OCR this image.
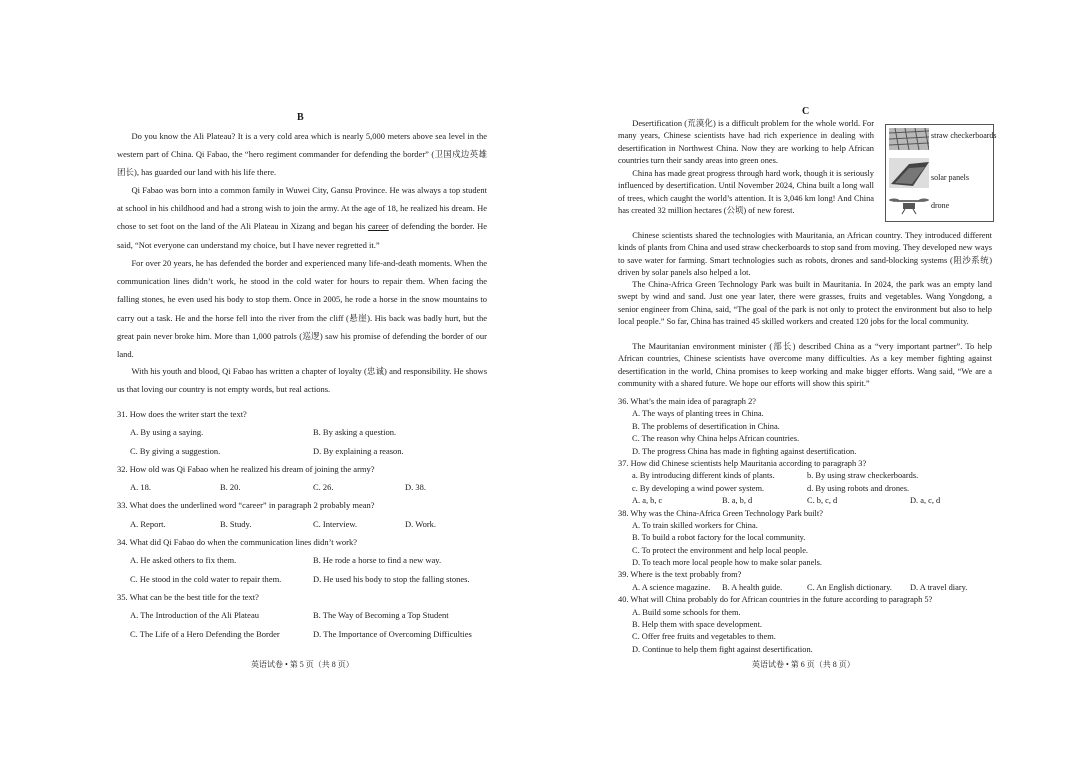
B

Do you know the Ali Plateau? It is a very cold area which is nearly 5,000 meters above sea level in the western part of China. Qi Fabao, the “hero regiment commander for defending the border” (卫国戍边英雄团长), has guarded our land with his life there.

Qi Fabao was born into a common family in Wuwei City, Gansu Province. He was always a top student at school in his childhood and had a strong wish to join the army. At the age of 18, he realized his dream. He chose to set foot on the land of the Ali Plateau in Xizang and began his career of defending the border. He said, “Not everyone can understand my choice, but I have never regretted it.”

For over 20 years, he has defended the border and experienced many life-and-death moments. When the communication lines didn’t work, he stood in the cold water for hours to repair them. When facing the falling stones, he even used his body to stop them. Once in 2005, he rode a horse in the snow mountains to carry out a task. He and the horse fell into the river from the cliff (悬崖). His back was badly hurt, but the great pain never broke him. More than 1,000 patrols (巡逻) saw his promise of defending the border of our land.

With his youth and blood, Qi Fabao has written a chapter of loyalty (忠诚) and responsibility. He shows us that loving our country is not empty words, but real actions.

31. How does the writer start the text?
A. By using a saying.	B. By asking a question.
C. By giving a suggestion.	D. By explaining a reason.
32. How old was Qi Fabao when he realized his dream of joining the army?
A. 18.	B. 20.	C. 26.	D. 38.
33. What does the underlined word “career” in paragraph 2 probably mean?
A. Report.	B. Study.	C. Interview.	D. Work.
34. What did Qi Fabao do when the communication lines didn’t work?
A. He asked others to fix them.	B. He rode a horse to find a new way.
C. He stood in the cold water to repair them.	D. He used his body to stop the falling stones.
35. What can be the best title for the text?
A. The Introduction of the Ali Plateau	B. The Way of Becoming a Top Student
C. The Life of a Hero Defending the Border	D. The Importance of Overcoming Difficulties
英语试卷 • 第 5 页（共 8 页）
C

Desertification (荒漠化) is a difficult problem for the whole world. For many years, Chinese scientists have had rich experience in dealing with desertification in Northwest China. Now they are working to help African countries turn their sandy areas into green ones.

China has made great progress through hard work, though it is seriously influenced by desertification. Until November 2024, China built a long wall of trees, which caught the world’s attention. It is 3,046 km long! And China has created 32 million hectares (公顷) of new forest.

straw checkerboards
solar panels
drone

Chinese scientists shared the technologies with Mauritania, an African country. They introduced different kinds of plants from China and used straw checkerboards to stop sand from moving. They developed new ways to save water for farming. Smart technologies such as robots, drones and sand-blocking systems (阻沙系统) driven by solar panels also helped a lot.

The China-Africa Green Technology Park was built in Mauritania. In 2024, the park was an empty land swept by wind and sand. Just one year later, there were grasses, fruits and vegetables. Wang Yongdong, a senior engineer from China, said, “The goal of the park is not only to protect the environment but also to help local people.” So far, China has trained 45 skilled workers and created 120 jobs for the local community.

The Mauritanian environment minister (部长) described China as a “very important partner”. To help African countries, Chinese scientists have overcome many difficulties. As a key member fighting against desertification in the world, China promises to keep working and make bigger efforts. Wang said, “We are a community with a shared future. We hope our efforts will show this spirit.”

36. What’s the main idea of paragraph 2?
A. The ways of planting trees in China.
B. The problems of desertification in China.
C. The reason why China helps African countries.
D. The progress China has made in fighting against desertification.
37. How did Chinese scientists help Mauritania according to paragraph 3?
a. By introducing different kinds of plants.	b. By using straw checkerboards.
c. By developing a wind power system.	d. By using robots and drones.
A. a, b, c	B. a, b, d	C. b, c, d	D. a, c, d
38. Why was the China-Africa Green Technology Park built?
A. To train skilled workers for China.
B. To build a robot factory for the local community.
C. To protect the environment and help local people.
D. To teach more local people how to make solar panels.
39. Where is the text probably from?
A. A science magazine. B. A health guide.	C. An English dictionary. D. A travel diary.
40. What will China probably do for African countries in the future according to paragraph 5?
A. Build some schools for them.
B. Help them with space development.
C. Offer free fruits and vegetables to them.
D. Continue to help them fight against desertification.
英语试卷 • 第 6 页（共 8 页）
